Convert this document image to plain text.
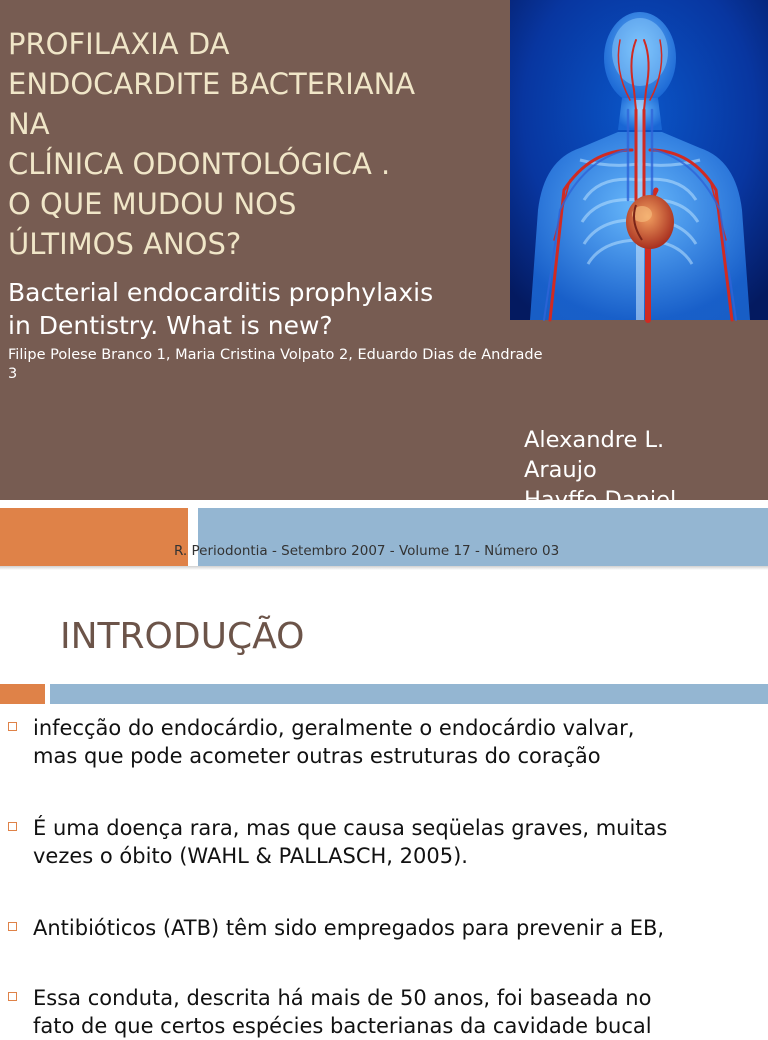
PROFILAXIA DA
ENDOCARDITE BACTERIANA
NA
CLÍNICA ODONTOLÓGICA .
O QUE MUDOU NOS
ÚLTIMOS ANOS?

Bacterial endocarditis prophylaxis
in Dentistry. What is new?

Filipe Polese Branco 1, Maria Cristina Volpato 2, Eduardo Dias de Andrade 3

Alexandre L.
Araujo
R. Periodontia - Setembro 2007 - Volume 17 - Número 03
INTRODUÇÃO
infecção do endocárdio, geralmente o endocárdio valvar,
mas que pode acometer outras estruturas do coração
É uma doença rara, mas que causa seqüelas graves, muitas
vezes o óbito (WAHL & PALLASCH, 2005).
Antibióticos (ATB) têm sido empregados para prevenir a EB,
Essa conduta, descrita há mais de 50 anos, foi baseada no
fato de que certos espécies bacterianas da cavidade bucal
